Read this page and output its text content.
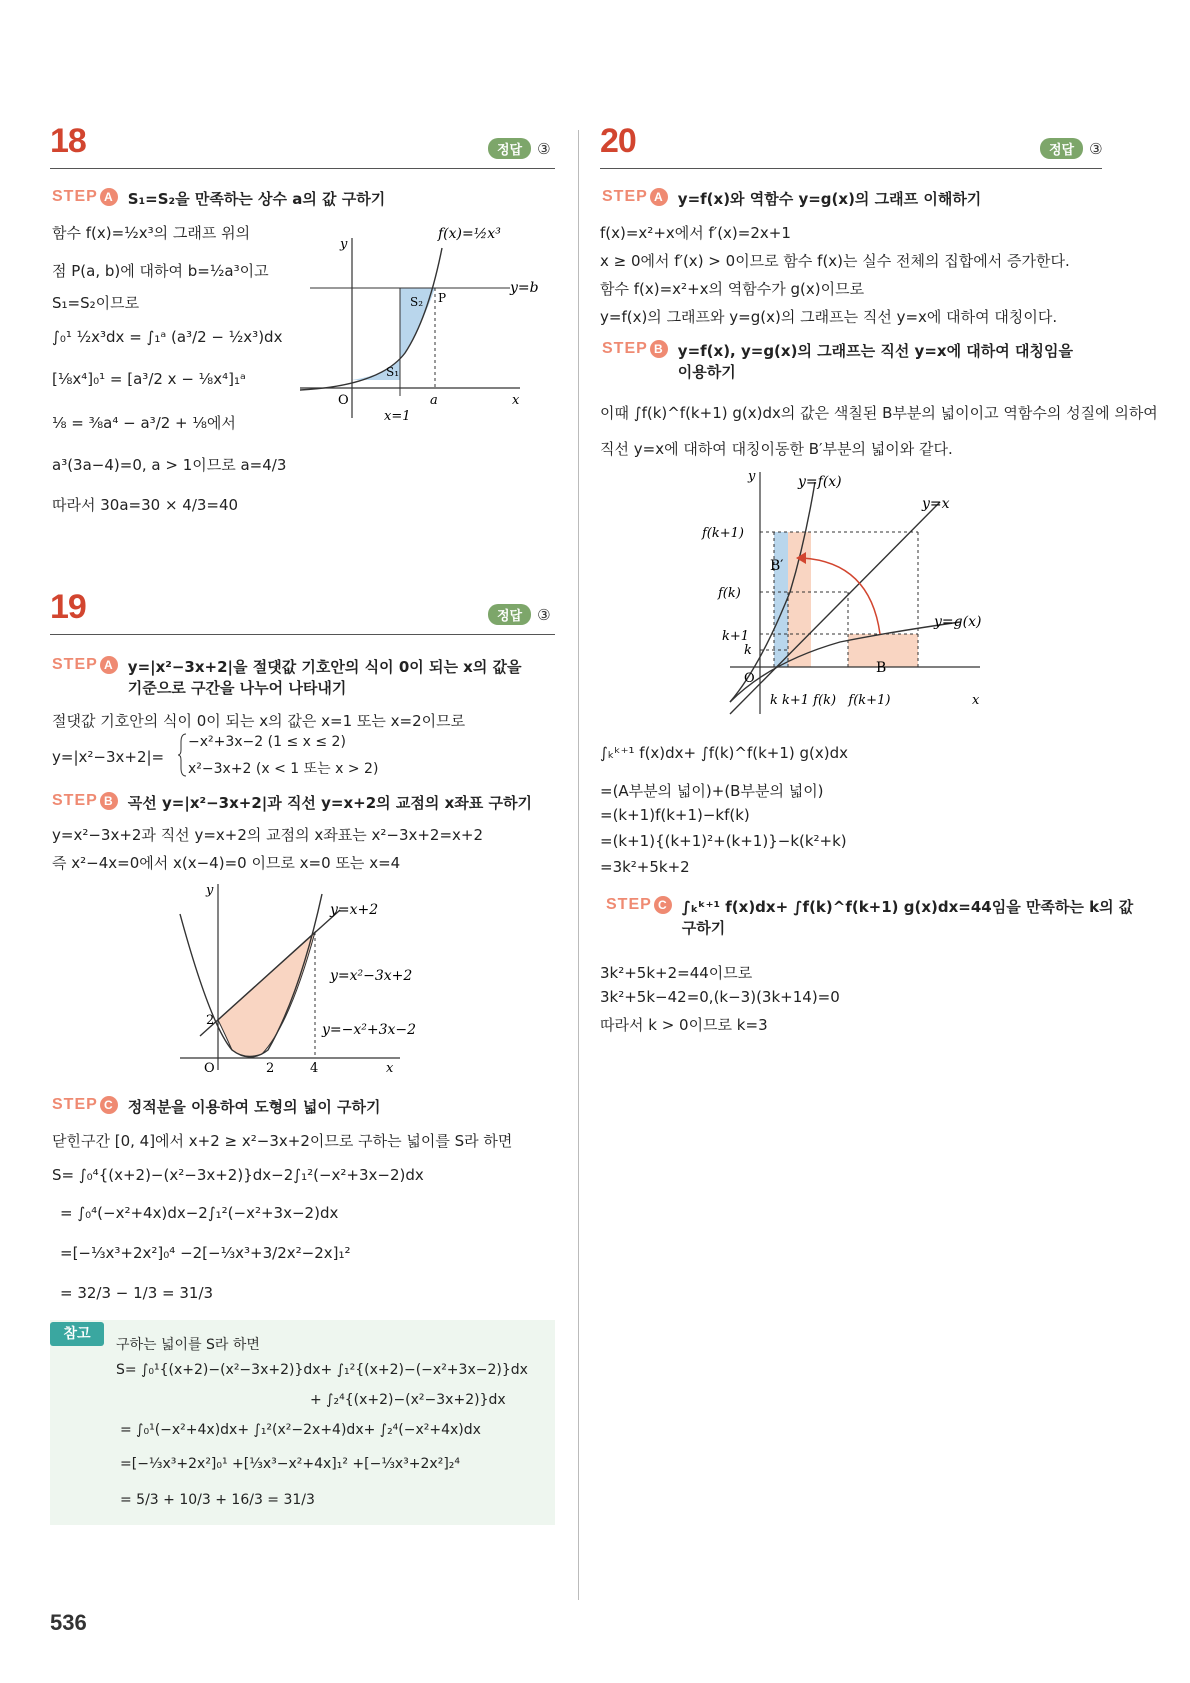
18	정답	③
STEP A S₁=S₂을 만족하는 상수 a의 값 구하기
함수 f(x)=½x³의 그래프 위의
점 P(a, b)에 대하여 b=½a³이고
S₁=S₂이므로
∫₀¹ ½x³dx = ∫₁ᵃ (a³/2 − ½x³)dx
[⅛x⁴]₀¹ = [a³/2 x − ⅛x⁴]₁ᵃ
⅛ = ⅜a⁴ − a³/2 + ⅛에서
a³(3a−4)=0, a > 1이므로 a=4/3
따라서 30a=30 × 4/3=40
f(x)=½x³
y=b
y
x
O
S₁
S₂ P
a
x=1
19	정답	③
STEP A y=|x²−3x+2|을 절댓값 기호안의 식이 0이 되는 x의 값을
기준으로 구간을 나누어 나타내기
절댓값 기호안의 식이 0이 되는 x의 값은 x=1 또는 x=2이므로
y=|x²−3x+2|=
−x²+3x−2 (1 ≤ x ≤ 2)
x²−3x+2 (x < 1 또는 x > 2)
STEP B 곡선 y=|x²−3x+2|과 직선 y=x+2의 교점의 x좌표 구하기
y=x²−3x+2과 직선 y=x+2의 교점의 x좌표는 x²−3x+2=x+2
즉 x²−4x=0에서 x(x−4)=0 이므로 x=0 또는 x=4
y=x+2
y=x²−3x+2
y=−x²+3x−2
y
x
O	2	4
2
STEP C 정적분을 이용하여 도형의 넓이 구하기
닫힌구간 [0, 4]에서 x+2 ≥ x²−3x+2이므로 구하는 넓이를 S라 하면
S= ∫₀⁴{(x+2)−(x²−3x+2)}dx−2∫₁²(−x²+3x−2)dx
= ∫₀⁴(−x²+4x)dx−2∫₁²(−x²+3x−2)dx
=[−⅓x³+2x²]₀⁴ −2[−⅓x³+3/2x²−2x]₁²
= 32/3 − 1/3 = 31/3
참고
구하는 넓이를 S라 하면
S= ∫₀¹{(x+2)−(x²−3x+2)}dx+ ∫₁²{(x+2)−(−x²+3x−2)}dx
+ ∫₂⁴{(x+2)−(x²−3x+2)}dx
= ∫₀¹(−x²+4x)dx+ ∫₁²(x²−2x+4)dx+ ∫₂⁴(−x²+4x)dx
=[−⅓x³+2x²]₀¹ +[⅓x³−x²+4x]₁² +[−⅓x³+2x²]₂⁴
= 5/3 + 10/3 + 16/3 = 31/3
20	정답	③
STEP A y=f(x)와 역함수 y=g(x)의 그래프 이해하기
f(x)=x²+x에서 f′(x)=2x+1
x ≥ 0에서 f′(x) > 0이므로 함수 f(x)는 실수 전체의 집합에서 증가한다.
함수 f(x)=x²+x의 역함수가 g(x)이므로
y=f(x)의 그래프와 y=g(x)의 그래프는 직선 y=x에 대하여 대칭이다.
STEP B y=f(x), y=g(x)의 그래프는 직선 y=x에 대하여 대칭임을
이용하기
이때 ∫f(k)^f(k+1) g(x)dx의 값은 색칠된 B부분의 넓이이고 역함수의 성질에 의하여
직선 y=x에 대하여 대칭이동한 B′부분의 넓이와 같다.
y=f(x)
y=x
y=g(x)
f(k+1)
f(k)
k+1
k
O
B′
B
k k+1 f(k)   f(k+1)	x
y
∫ₖᵏ⁺¹ f(x)dx+ ∫f(k)^f(k+1) g(x)dx
=(A부분의 넓이)+(B부분의 넓이)
=(k+1)f(k+1)−kf(k)
=(k+1){(k+1)²+(k+1)}−k(k²+k)
=3k²+5k+2
STEP C ∫ₖᵏ⁺¹ f(x)dx+ ∫f(k)^f(k+1) g(x)dx=44임을 만족하는 k의 값
구하기
3k²+5k+2=44이므로
3k²+5k−42=0,(k−3)(3k+14)=0
따라서 k > 0이므로 k=3
536
